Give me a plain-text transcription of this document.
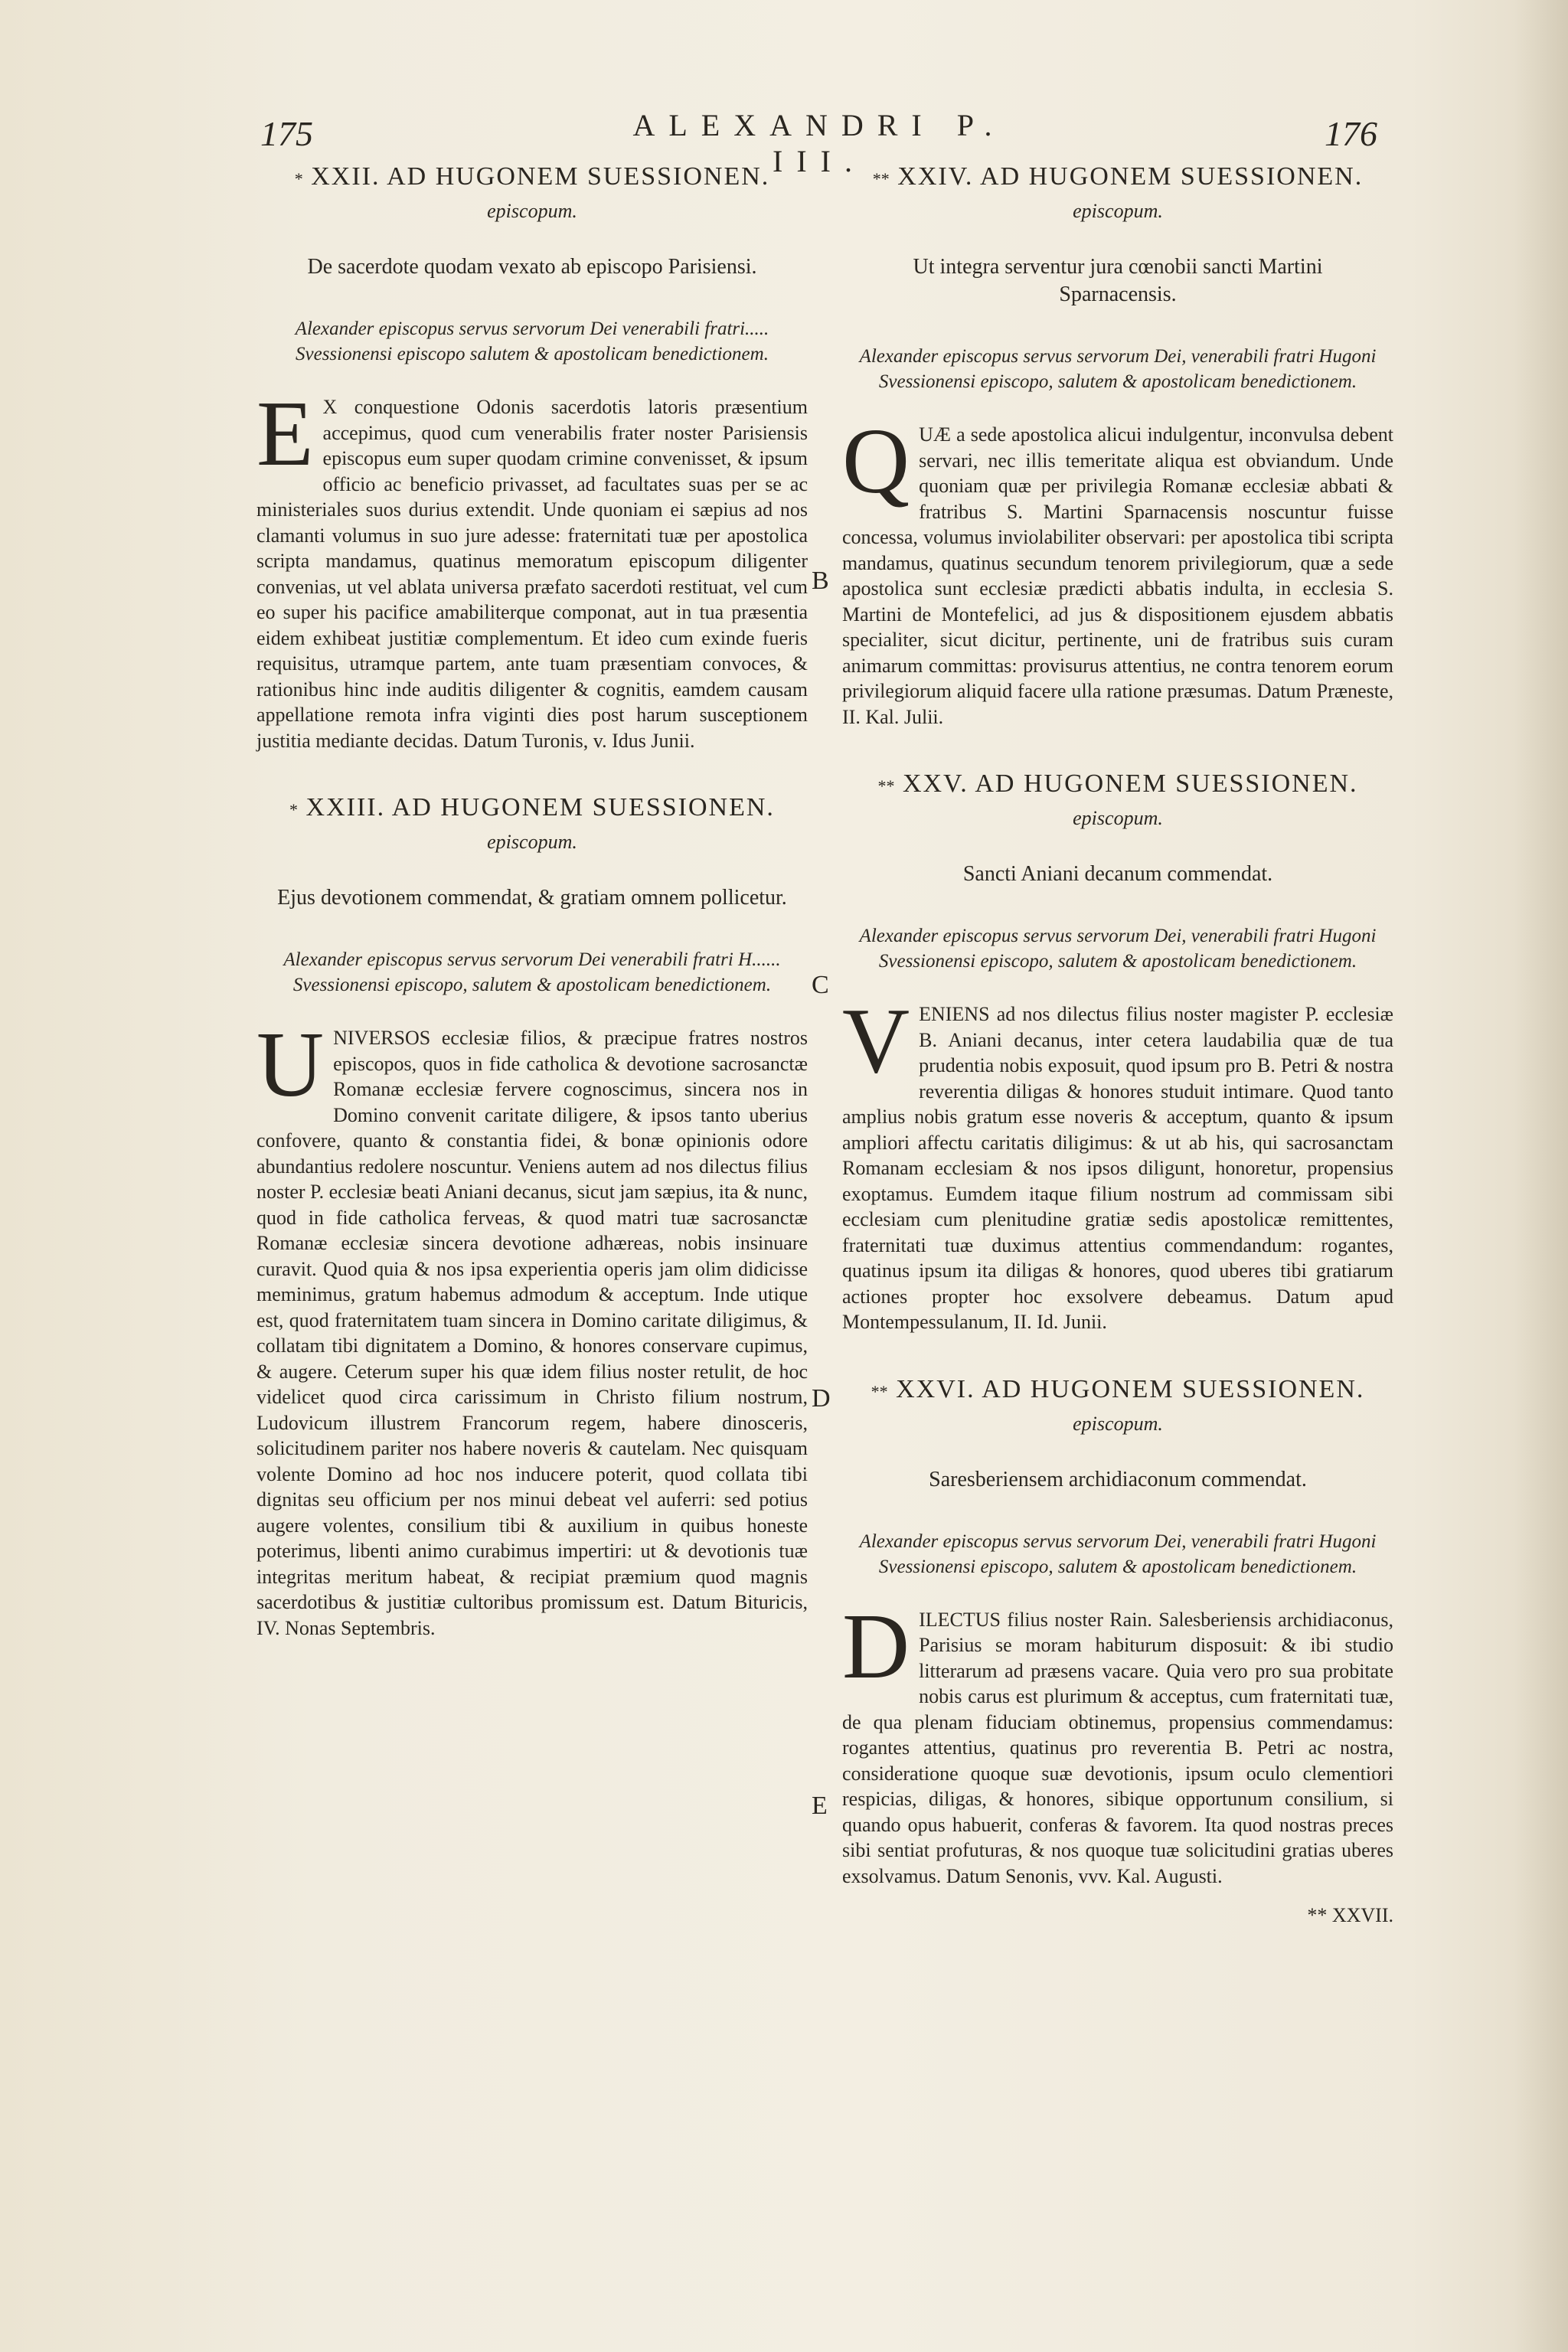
175	ALEXANDRI P. III.
176
B
C
D
E
* XXII. AD HUGONEM SUESSIONEN.
episcopum.
De sacerdote quodam vexato ab episcopo Parisiensi.
Alexander episcopus servus servorum Dei venerabili fratri..... Svessionensi episcopo salutem & apostolicam benedictionem.
E X conquestione Odonis sacerdotis latoris præsentium accepimus, quod cum venerabilis frater noster Parisiensis episcopus eum super quodam crimine convenisset, & ipsum officio ac beneficio privasset, ad facultates suas per se ac ministeriales suos durius extendit. Unde quoniam ei sæpius ad nos clamanti volumus in suo jure adesse: fraternitati tuæ per apostolica scripta mandamus, quatinus memoratum episcopum diligenter convenias, ut vel ablata universa præfato sacerdoti restituat, vel cum eo super his pacifice amabiliterque componat, aut in tua præsentia eidem exhibeat justitiæ complementum. Et ideo cum exinde fueris requisitus, utramque partem, ante tuam præsentiam convoces, & rationibus hinc inde auditis diligenter & cognitis, eamdem causam appellatione remota infra viginti dies post harum susceptionem justitia mediante decidas. Datum Turonis, v. Idus Junii.
* XXIII. AD HUGONEM SUESSIONEN.
episcopum.
Ejus devotionem commendat, & gratiam omnem pollicetur.
Alexander episcopus servus servorum Dei venerabili fratri H...... Svessionensi episcopo, salutem & apostolicam benedictionem.
U NIVERSOS ecclesiæ filios, & præcipue fratres nostros episcopos, quos in fide catholica & devotione sacrosanctæ Romanæ ecclesiæ fervere cognoscimus, sincera nos in Domino convenit caritate diligere, & ipsos tanto uberius confovere, quanto & constantia fidei, & bonæ opinionis odore abundantius redolere noscuntur. Veniens autem ad nos dilectus filius noster P. ecclesiæ beati Aniani decanus, sicut jam sæpius, ita & nunc, quod in fide catholica ferveas, & quod matri tuæ sacrosanctæ Romanæ ecclesiæ sincera devotione adhæreas, nobis insinuare curavit. Quod quia & nos ipsa experientia operis jam olim didicisse meminimus, gratum habemus admodum & acceptum. Inde utique est, quod fraternitatem tuam sincera in Domino caritate diligimus, & collatam tibi dignitatem a Domino, & honores conservare cupimus, & augere. Ceterum super his quæ idem filius noster retulit, de hoc videlicet quod circa carissimum in Christo filium nostrum, Ludovicum illustrem Francorum regem, habere dinosceris, solicitudinem pariter nos habere noveris & cautelam. Nec quisquam volente Domino ad hoc nos inducere poterit, quod collata tibi dignitas seu officium per nos minui debeat vel auferri: sed potius augere volentes, consilium tibi & auxilium in quibus honeste poterimus, libenti animo curabimus impertiri: ut & devotionis tuæ integritas meritum habeat, & recipiat præmium quod magnis sacerdotibus & justitiæ cultoribus promissum est. Datum Bituricis, IV. Nonas Septembris.
** XXIV. AD HUGONEM SUESSIONEN.
episcopum.
Ut integra serventur jura cœnobii sancti Martini Sparnacensis.
Alexander episcopus servus servorum Dei, venerabili fratri Hugoni Svessionensi episcopo, salutem & apostolicam benedictionem.
Q UÆ a sede apostolica alicui indulgentur, inconvulsa debent servari, nec illis temeritate aliqua est obviandum. Unde quoniam quæ per privilegia Romanæ ecclesiæ abbati & fratribus S. Martini Sparnacensis noscuntur fuisse concessa, volumus inviolabiliter observari: per apostolica tibi scripta mandamus, quatinus secundum tenorem privilegiorum, quæ a sede apostolica sunt ecclesiæ prædicti abbatis indulta, in ecclesia S. Martini de Montefelici, ad jus & dispositionem ejusdem abbatis specialiter, sicut dicitur, pertinente, uni de fratribus suis curam animarum committas: provisurus attentius, ne contra tenorem eorum privilegiorum aliquid facere ulla ratione præsumas. Datum Præneste, II. Kal. Julii.
** XXV. AD HUGONEM SUESSIONEN.
episcopum.
Sancti Aniani decanum commendat.
Alexander episcopus servus servorum Dei, venerabili fratri Hugoni Svessionensi episcopo, salutem & apostolicam benedictionem.
V ENIENS ad nos dilectus filius noster magister P. ecclesiæ B. Aniani decanus, inter cetera laudabilia quæ de tua prudentia nobis exposuit, quod ipsum pro B. Petri & nostra reverentia diligas & honores studuit intimare. Quod tanto amplius nobis gratum esse noveris & acceptum, quanto & ipsum ampliori affectu caritatis diligimus: & ut ab his, qui sacrosanctam Romanam ecclesiam & nos ipsos diligunt, honoretur, propensius exoptamus. Eumdem itaque filium nostrum ad commissam sibi ecclesiam cum plenitudine gratiæ sedis apostolicæ remittentes, fraternitati tuæ duximus attentius commendandum: rogantes, quatinus ipsum ita diligas & honores, quod uberes tibi gratiarum actiones propter hoc exsolvere debeamus. Datum apud Montempessulanum, II. Id. Junii.
** XXVI. AD HUGONEM SUESSIONEN.
episcopum.
Saresberiensem archidiaconum commendat.
Alexander episcopus servus servorum Dei, venerabili fratri Hugoni Svessionensi episcopo, salutem & apostolicam benedictionem.
D ILECTUS filius noster Rain. Salesberiensis archidiaconus, Parisius se moram habiturum disposuit: & ibi studio litterarum ad præsens vacare. Quia vero pro sua probitate nobis carus est plurimum & acceptus, cum fraternitati tuæ, de qua plenam fiduciam obtinemus, propensius commendamus: rogantes attentius, quatinus pro reverentia B. Petri ac nostra, consideratione quoque suæ devotionis, ipsum oculo clementiori respicias, diligas, & honores, sibique opportunum consilium, si quando opus habuerit, conferas & favorem. Ita quod nostras preces sibi sentiat profuturas, & nos quoque tuæ solicitudini gratias uberes exsolvamus. Datum Senonis, vvv. Kal. Augusti.
** XXVII.
